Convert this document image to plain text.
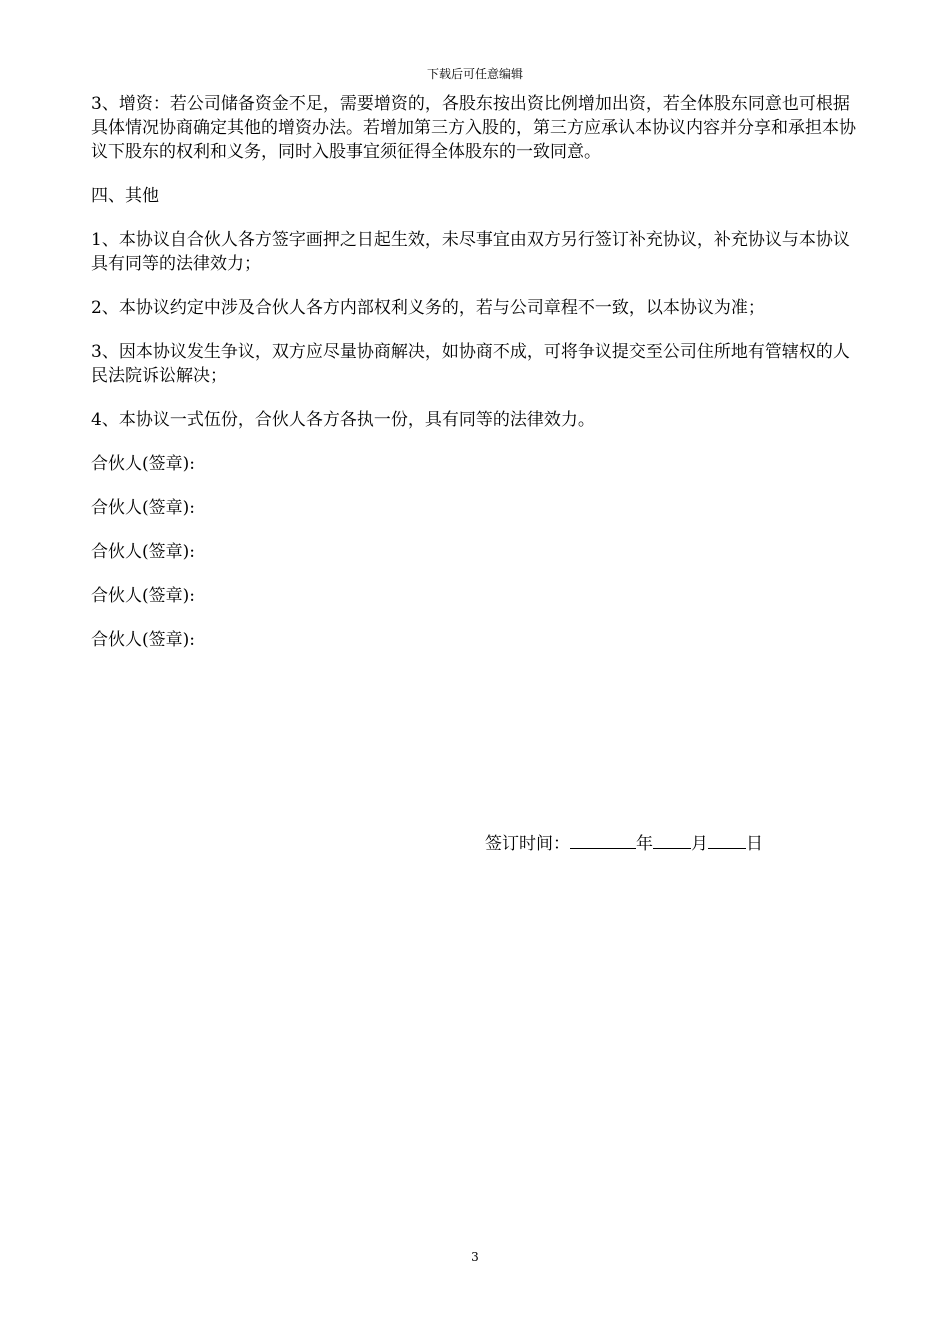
下载后可任意编辑

3、增资：若公司储备资金不足，需要增资的，各股东按出资比例增加出资，若全体股东同意也可根据具体情况协商确定其他的增资办法。若增加第三方入股的，第三方应承认本协议内容并分享和承担本协议下股东的权利和义务，同时入股事宜须征得全体股东的一致同意。

四、其他

1、本协议自合伙人各方签字画押之日起生效，未尽事宜由双方另行签订补充协议，补充协议与本协议具有同等的法律效力；

2、本协议约定中涉及合伙人各方内部权利义务的，若与公司章程不一致，以本协议为准；

3、因本协议发生争议，双方应尽量协商解决，如协商不成，可将争议提交至公司住所地有管辖权的人民法院诉讼解决；

4、本协议一式伍份，合伙人各方各执一份，具有同等的法律效力。

合伙人(签章):

合伙人(签章):

合伙人(签章):

合伙人(签章):

合伙人(签章):

签订时间：	年 月 日
3
